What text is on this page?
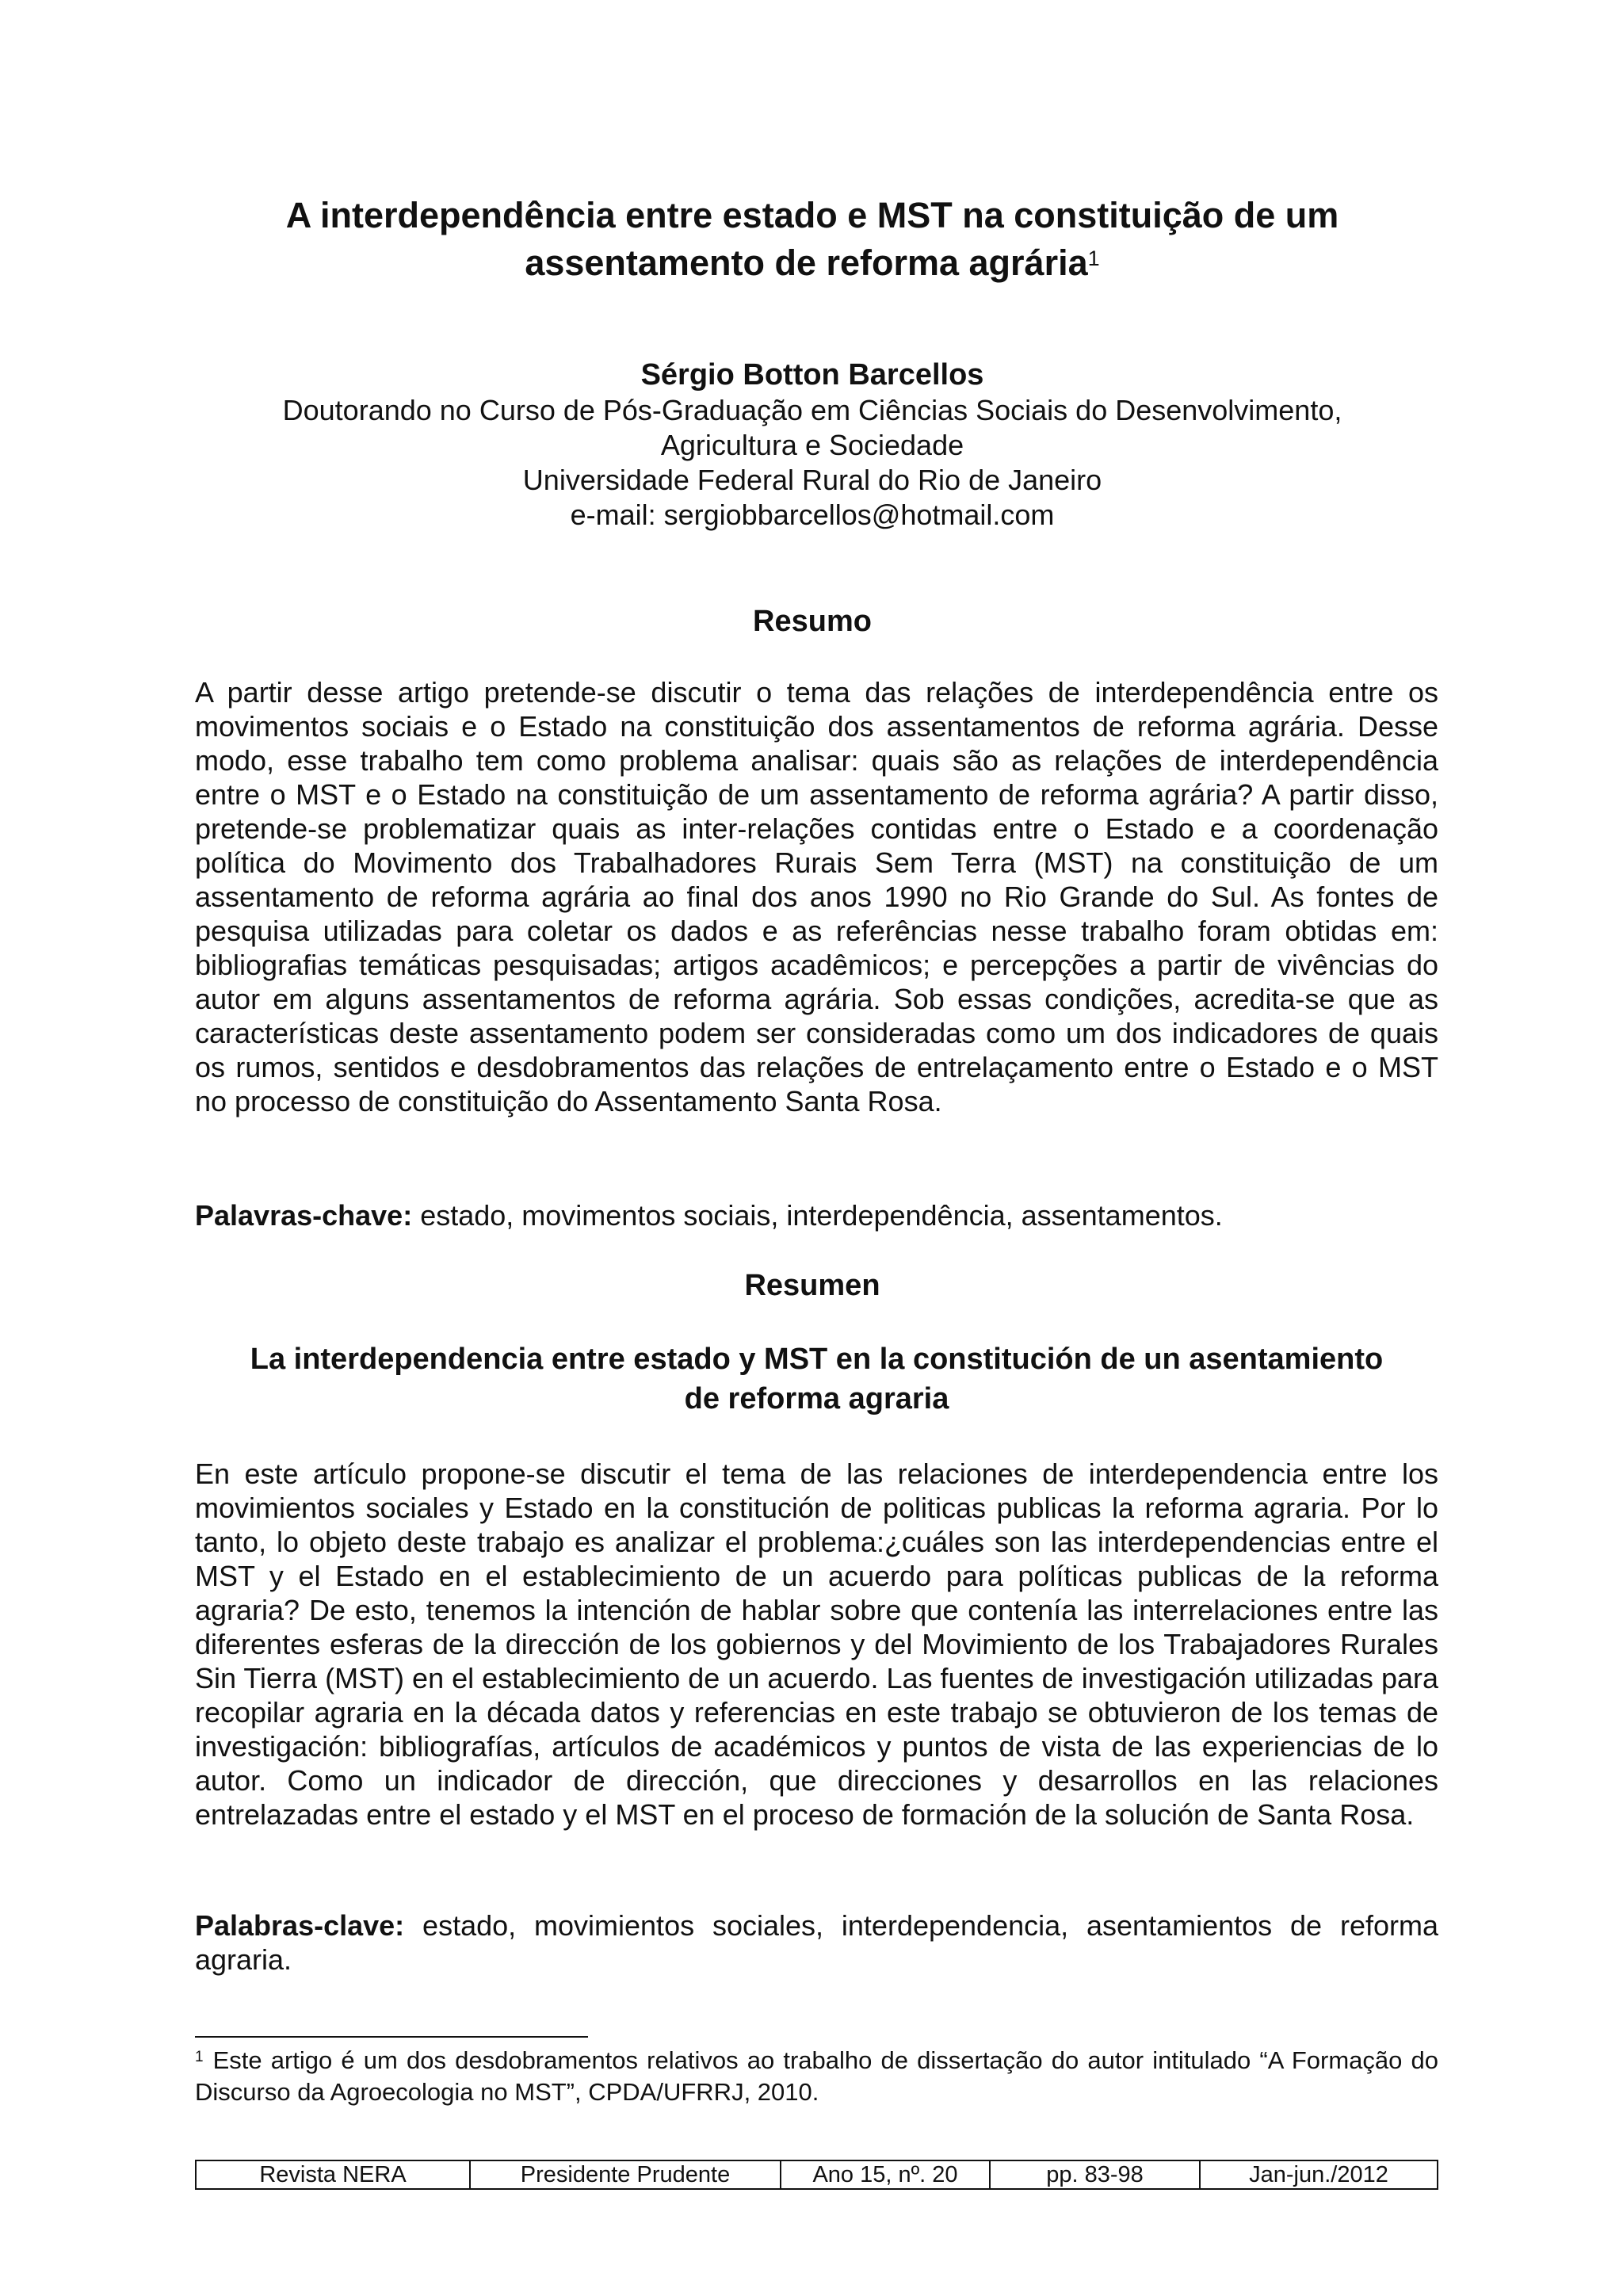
A interdependência entre estado e MST na constituição de um
assentamento de reforma agrária$^1$
Sérgio Botton Barcellos
Doutorando no Curso de Pós-Graduação em Ciências Sociais do Desenvolvimento,
Agricultura e Sociedade
Universidade Federal Rural do Rio de Janeiro
e-mail: sergiobbarcellos@hotmail.com
Resumo

A partir desse artigo pretende-se discutir o tema das relações de interdependência entre os movimentos sociais e o Estado na constituição dos assentamentos de reforma agrária. Desse modo, esse trabalho tem como problema analisar: quais são as relações de interdependência entre o MST e o Estado na constituição de um assentamento de reforma agrária? A partir disso, pretende-se problematizar quais as inter-relações contidas entre o Estado e a coordenação política do Movimento dos Trabalhadores Rurais Sem Terra (MST) na constituição de um assentamento de reforma agrária ao final dos anos 1990 no Rio Grande do Sul. As fontes de pesquisa utilizadas para coletar os dados e as referências nesse trabalho foram obtidas em: bibliografias temáticas pesquisadas; artigos acadêmicos; e percepções a partir de vivências do autor em alguns assentamentos de reforma agrária. Sob essas condições, acredita-se que as características deste assentamento podem ser consideradas como um dos indicadores de quais os rumos, sentidos e desdobramentos das relações de entrelaçamento entre o Estado e o MST no processo de constituição do Assentamento Santa Rosa.

Palavras-chave: estado, movimentos sociais, interdependência, assentamentos.

Resumen
La interdependencia entre estado y MST en la constitución de un asentamiento
de reforma agraria

En este artículo propone-se discutir el tema de las relaciones de interdependencia entre los movimientos sociales y Estado en la constitución de politicas publicas la reforma agraria. Por lo tanto, lo objeto deste trabajo es analizar el problema:¿cuáles son las interdependencias entre el MST y el Estado en el establecimiento de un acuerdo para políticas publicas de la reforma agraria? De esto, tenemos la intención de hablar sobre que contenía las interrelaciones entre las diferentes esferas de la dirección de los gobiernos y del Movimiento de los Trabajadores Rurales Sin Tierra (MST) en el establecimiento de un acuerdo. Las fuentes de investigación utilizadas para recopilar agraria en la década datos y referencias en este trabajo se obtuvieron de los temas de investigación: bibliografías, artículos de académicos y puntos de vista de las experiencias de lo autor. Como un indicador de dirección, que direcciones y desarrollos en las relaciones entrelazadas entre el estado y el MST en el proceso de formación de la solución de Santa Rosa.

Palabras-clave: estado, movimientos sociales, interdependencia, asentamientos de reforma agraria.

$^1$ Este artigo é um dos desdobramentos relativos ao trabalho de dissertação do autor intitulado “A Formação do Discurso da Agroecologia no MST”, CPDA/UFRRJ, 2010.

Revista NERA	Presidente Prudente	Ano 15, nº. 20	pp. 83-98	Jan-jun./2012
